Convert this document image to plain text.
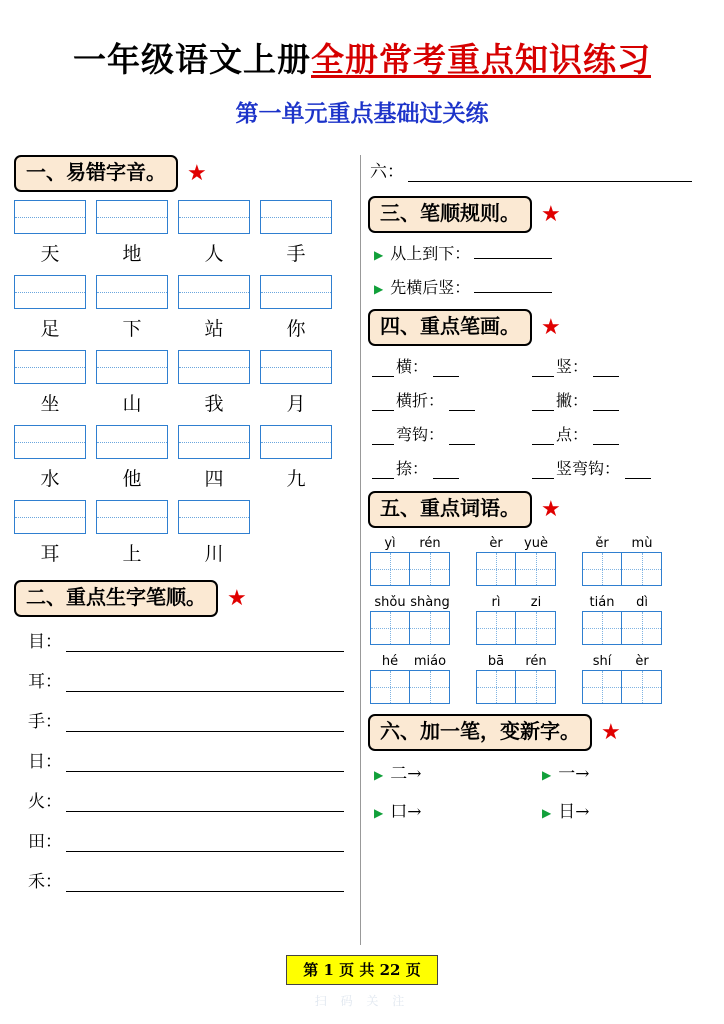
一年级语文上册全册常考重点知识练习
第一单元重点基础过关练
一、易错字音。 ★
天	地	人	手
足	下	站	你
坐	山	我	月
水	他	四	九
耳	上	川
二、重点生字笔顺。 ★
目：
耳：
手：
日：
火：
田：
禾：
六：
三、笔顺规则。 ★
▶ 从上到下：
▶ 先横后竖：
四、重点笔画。 ★
横：	竖：
横折：	撇：
弯钩：	点：
捺：	竖弯钩：
五、重点词语。 ★
yì	rén	èr	yuè	ěr	mù
shǒu shàng	rì	zi	tián	dì
hé	miáo	bā	rén	shí	èr
六、加一笔，变新字。 ★
▶ 二→	▶ 一→
▶ 口→	▶ 日→
第 1 页 共 22 页
扫 码 关 注
